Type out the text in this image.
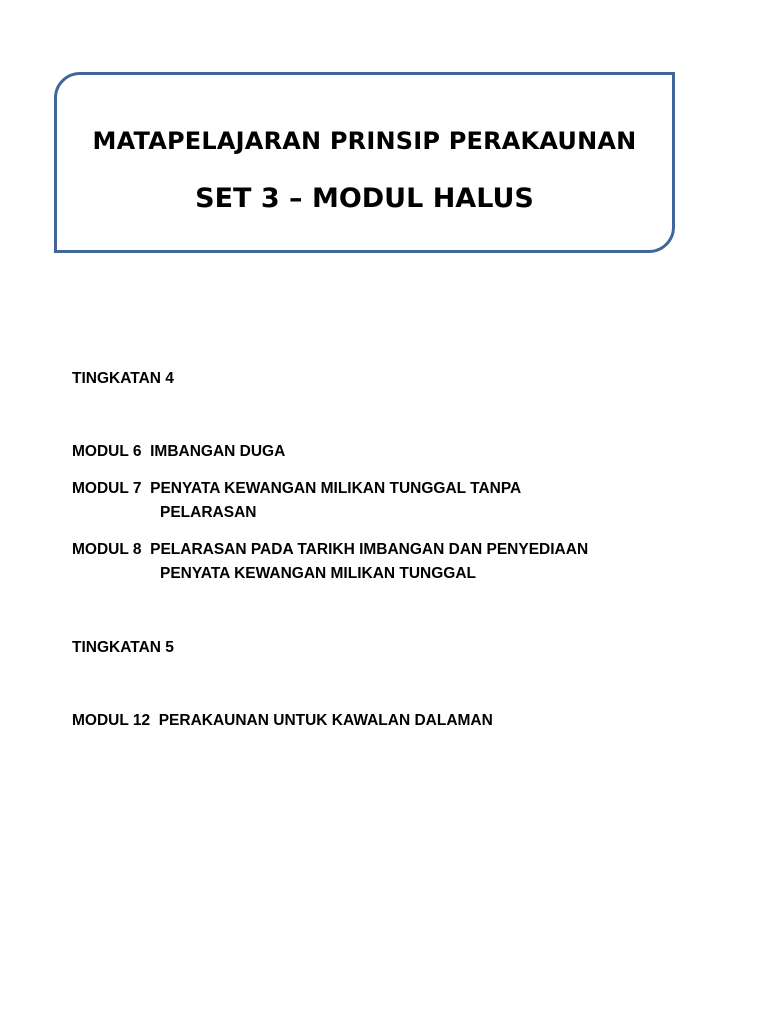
MATAPELAJARAN PRINSIP PERAKAUNAN
SET 3 – MODUL HALUS
TINGKATAN 4
MODUL 6 IMBANGAN DUGA
MODUL 7 PENYATA KEWANGAN MILIKAN TUNGGAL TANPA
PELARASAN
MODUL 8 PELARASAN PADA TARIKH IMBANGAN DAN PENYEDIAAN
PENYATA KEWANGAN MILIKAN TUNGGAL
TINGKATAN 5
MODUL 12 PERAKAUNAN UNTUK KAWALAN DALAMAN
